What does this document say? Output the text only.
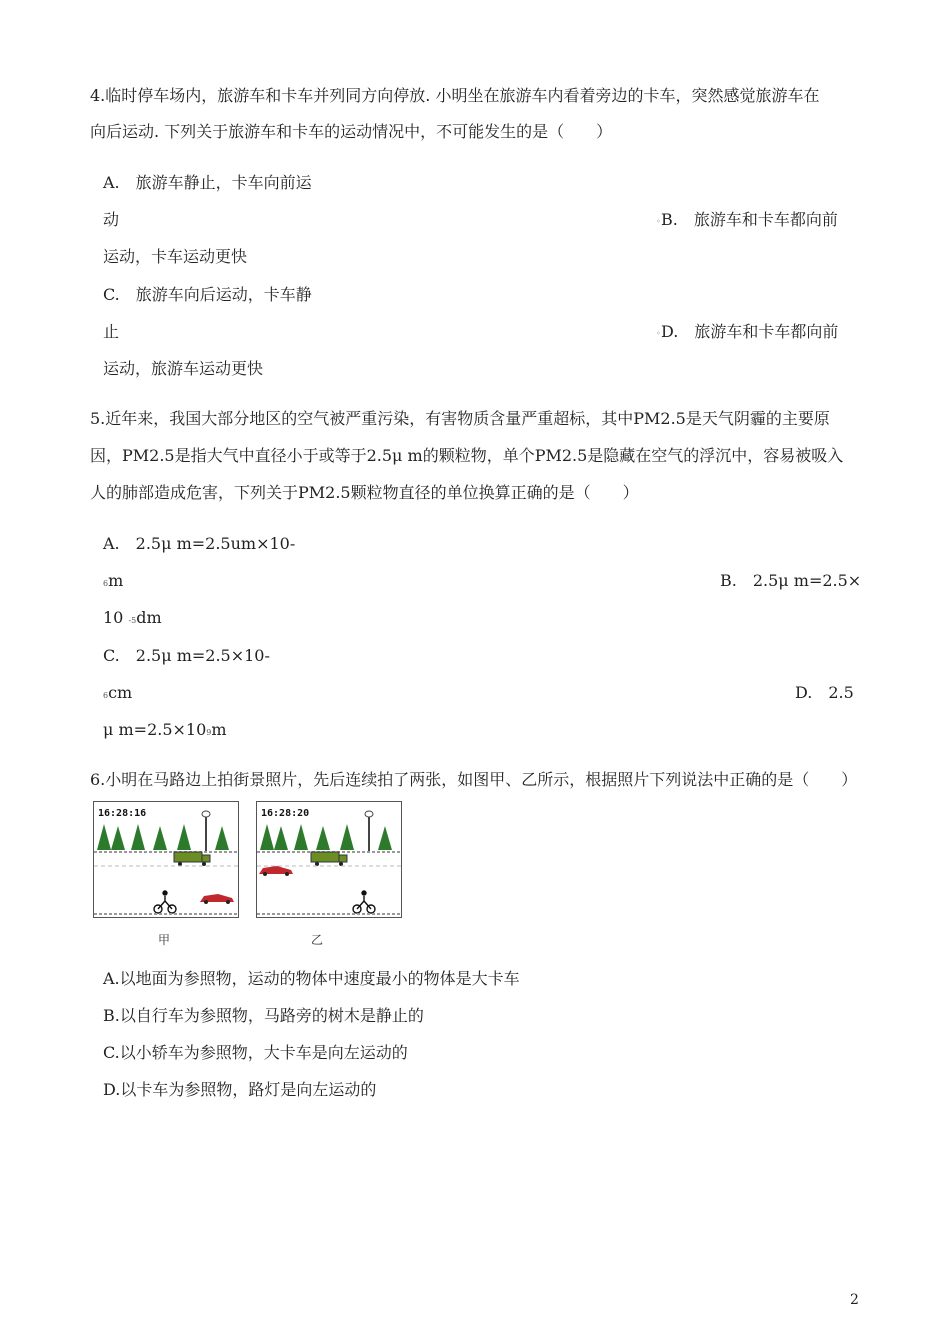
4.临时停车场内，旅游车和卡车并列同方向停放. 小明坐在旅游车内看着旁边的卡车，突然感觉旅游车在
向后运动. 下列关于旅游车和卡车的运动情况中，不可能发生的是（　　）
A.　旅游车静止，卡车向前运
动	◦ B.　旅游车和卡车都向前
运动，卡车运动更快
C.　旅游车向后运动，卡车静
止	◦ D.　旅游车和卡车都向前
运动，旅游车运动更快
5.近年来，我国大部分地区的空气被严重污染，有害物质含量严重超标，其中PM2.5是天气阴霾的主要原
因，PM2.5是指大气中直径小于或等于2.5μ m的颗粒物，单个PM2.5是隐藏在空气的浮沉中，容易被吸入
人的肺部造成危害，下列关于PM2.5颗粒物直径的单位换算正确的是（　　）
A.　2.5μ m=2.5um×10-
6m	B.　2.5μ m=2.5×
10 -5dm
C.　2.5μ m=2.5×10-
6cm	D.　2.5
μ m=2.5×109m
6.小明在马路边上拍街景照片，先后连续拍了两张，如图甲、乙所示，根据照片下列说法中正确的是（　　）
16:28:16
甲
16:28:20
乙
A.以地面为参照物，运动的物体中速度最小的物体是大卡车
B.以自行车为参照物，马路旁的树木是静止的
C.以小轿车为参照物，大卡车是向左运动的
D.以卡车为参照物，路灯是向左运动的
2
